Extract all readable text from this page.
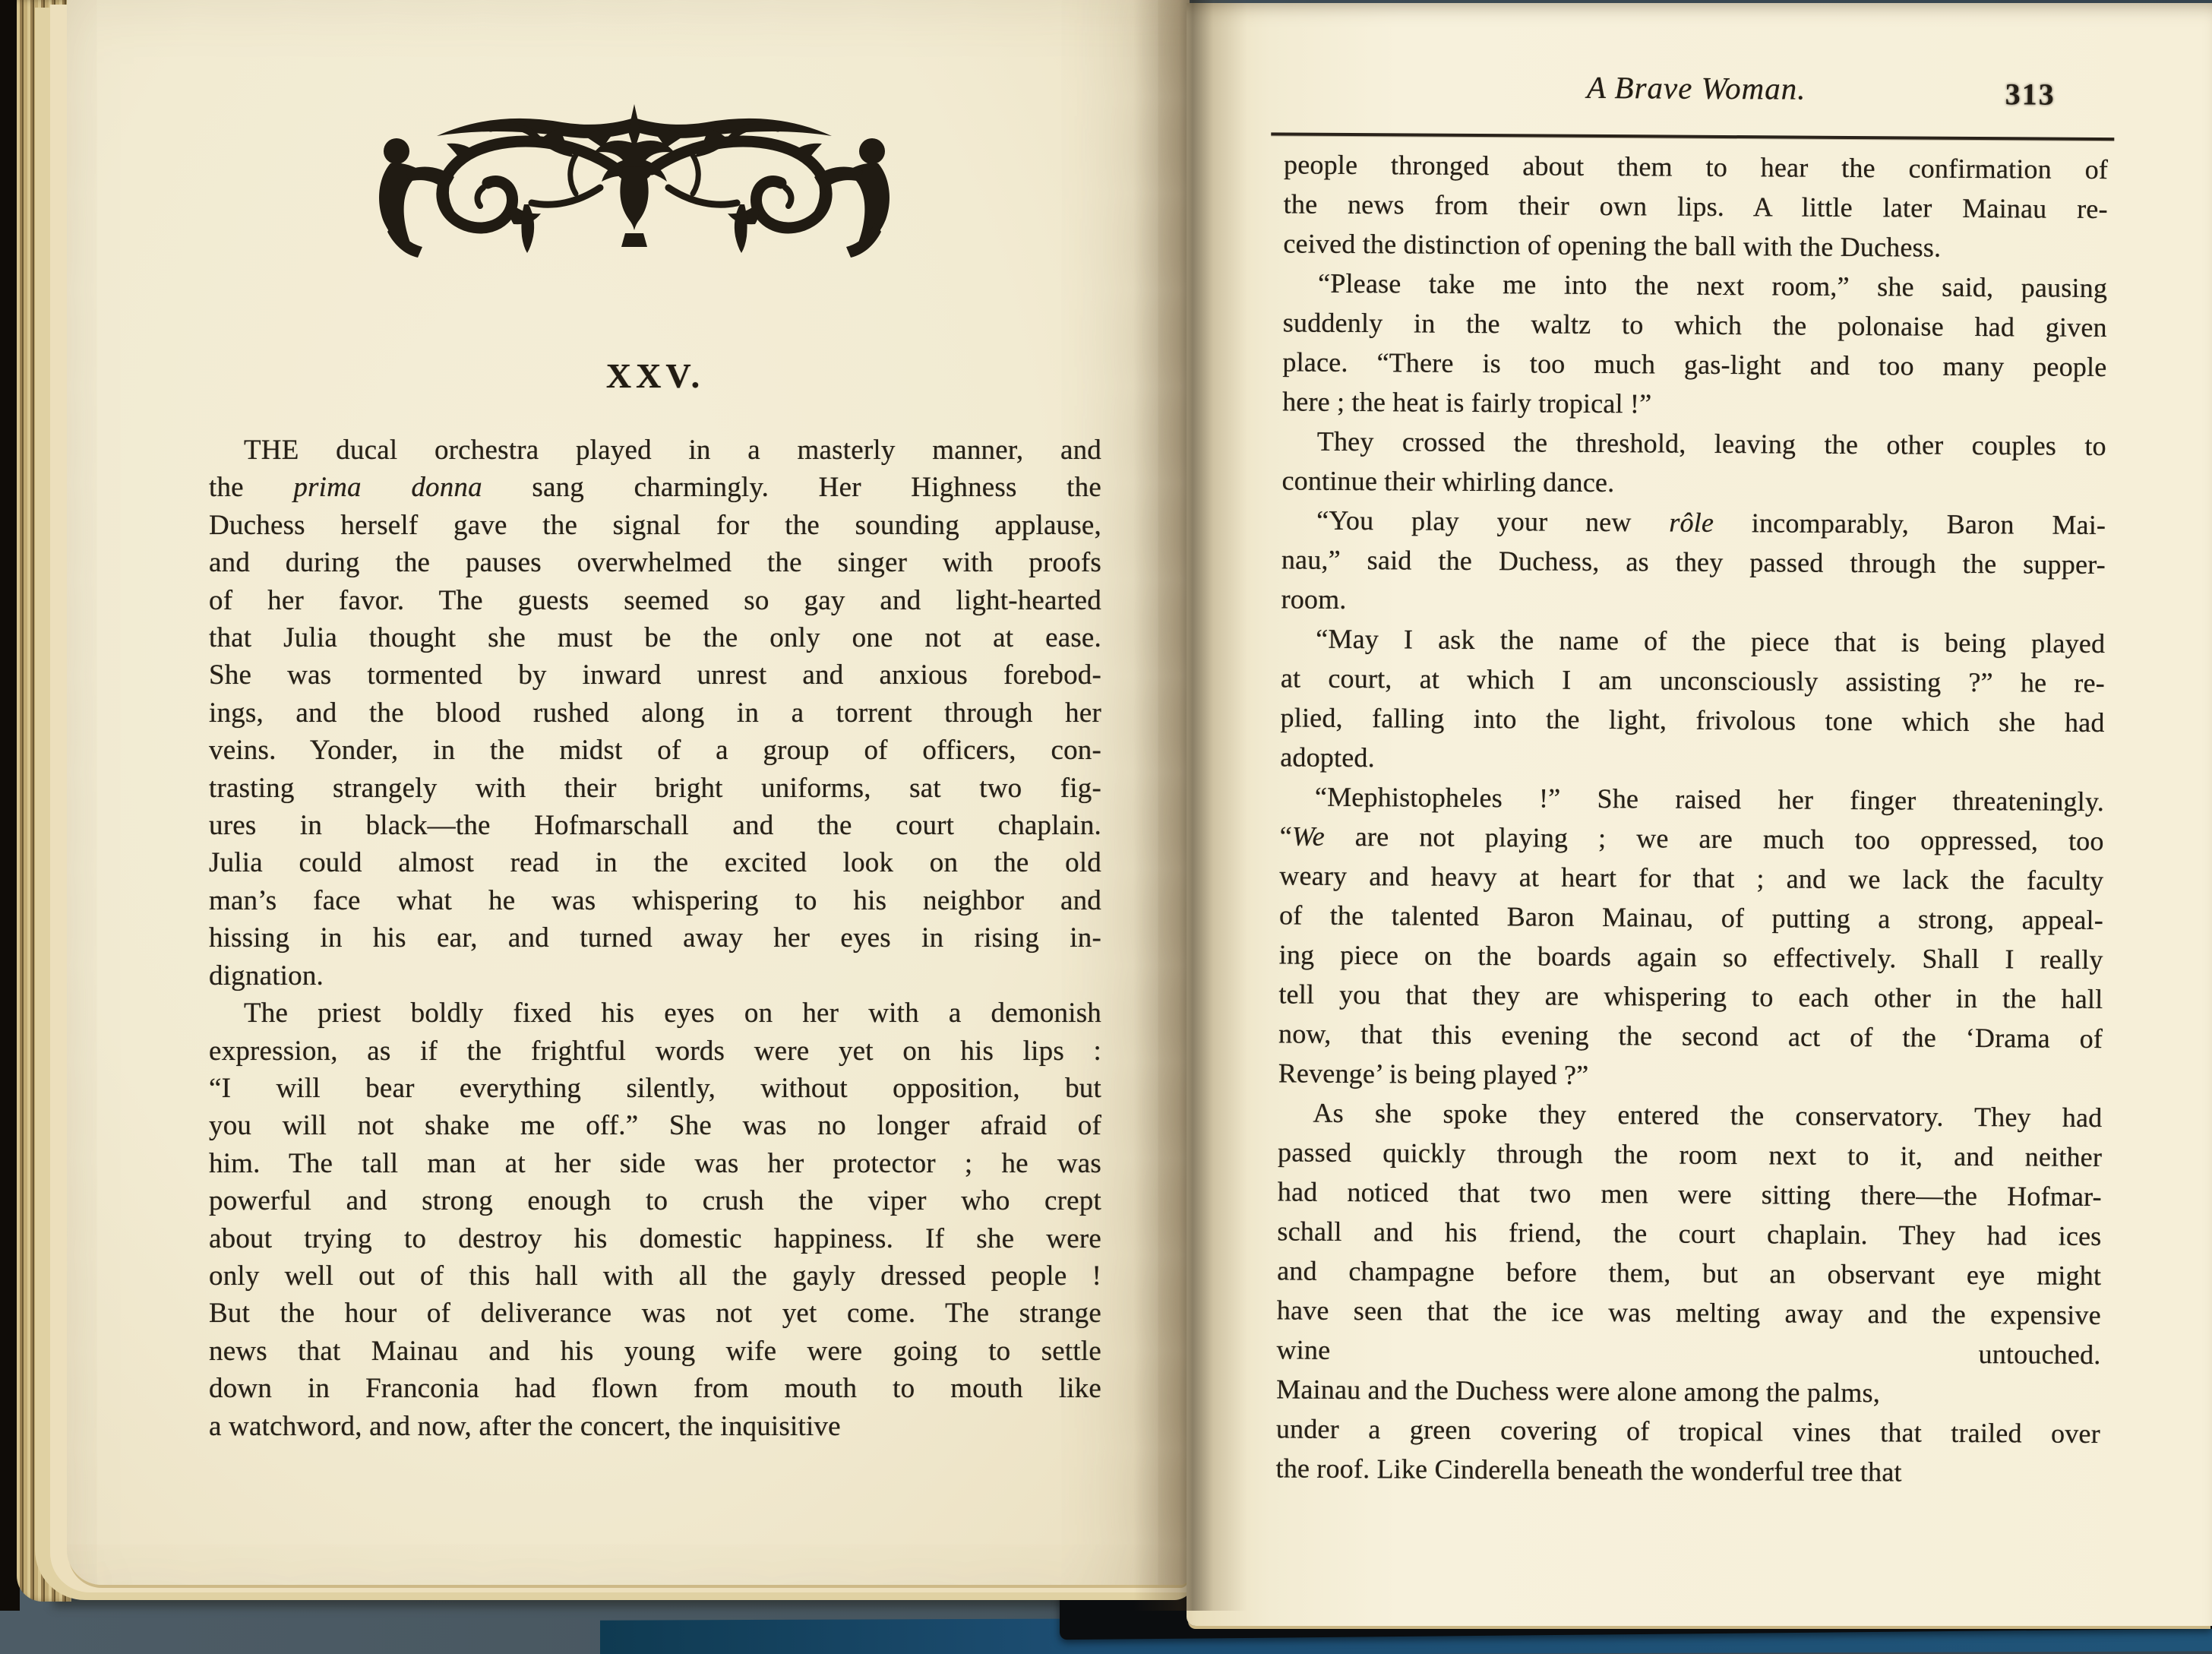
XXV.
THE ducal orchestra played in a masterly manner, and
the prima donna sang charmingly. Her Highness the
Duchess herself gave the signal for the sounding applause,
and during the pauses overwhelmed the singer with proofs
of her favor. The guests seemed so gay and light-hearted
that Julia thought she must be the only one not at ease.
She was tormented by inward unrest and anxious forebod-
ings, and the blood rushed along in a torrent through her
veins. Yonder, in the midst of a group of officers, con-
trasting strangely with their bright uniforms, sat two fig-
ures in black—the Hofmarschall and the court chaplain.
Julia could almost read in the excited look on the old
man’s face what he was whispering to his neighbor and
hissing in his ear, and turned away her eyes in rising in-
dignation.
The priest boldly fixed his eyes on her with a demonish
expression, as if the frightful words were yet on his lips :
“I will bear everything silently, without opposition, but
you will not shake me off.” She was no longer afraid of
him. The tall man at her side was her protector ; he was
powerful and strong enough to crush the viper who crept
about trying to destroy his domestic happiness. If she were
only well out of this hall with all the gayly dressed people !
But the hour of deliverance was not yet come. The strange
news that Mainau and his young wife were going to settle
down in Franconia had flown from mouth to mouth like
a watchword, and now, after the concert, the inquisitive
A Brave Woman.	313
people thronged about them to hear the confirmation of
the news from their own lips. A little later Mainau re-
ceived the distinction of opening the ball with the Duchess.
“Please take me into the next room,” she said, pausing
suddenly in the waltz to which the polonaise had given
place. “There is too much gas-light and too many people
here ; the heat is fairly tropical !”
They crossed the threshold, leaving the other couples to
continue their whirling dance.
“You play your new rôle incomparably, Baron Mai-
nau,” said the Duchess, as they passed through the supper-
room.
“May I ask the name of the piece that is being played
at court, at which I am unconsciously assisting ?” he re-
plied, falling into the light, frivolous tone which she had
adopted.
“Mephistopheles !” She raised her finger threateningly.
“We are not playing ; we are much too oppressed, too
weary and heavy at heart for that ; and we lack the faculty
of the talented Baron Mainau, of putting a strong, appeal-
ing piece on the boards again so effectively. Shall I really
tell you that they are whispering to each other in the hall
now, that this evening the second act of the ‘Drama of
Revenge’ is being played ?”
As she spoke they entered the conservatory. They had
passed quickly through the room next to it, and neither
had noticed that two men were sitting there—the Hofmar-
schall and his friend, the court chaplain. They had ices
and champagne before them, but an observant eye might
have seen that the ice was melting away and the expensive
wine untouched.
Mainau and the Duchess were alone among the palms,
under a green covering of tropical vines that trailed over
the roof. Like Cinderella beneath the wonderful tree that
